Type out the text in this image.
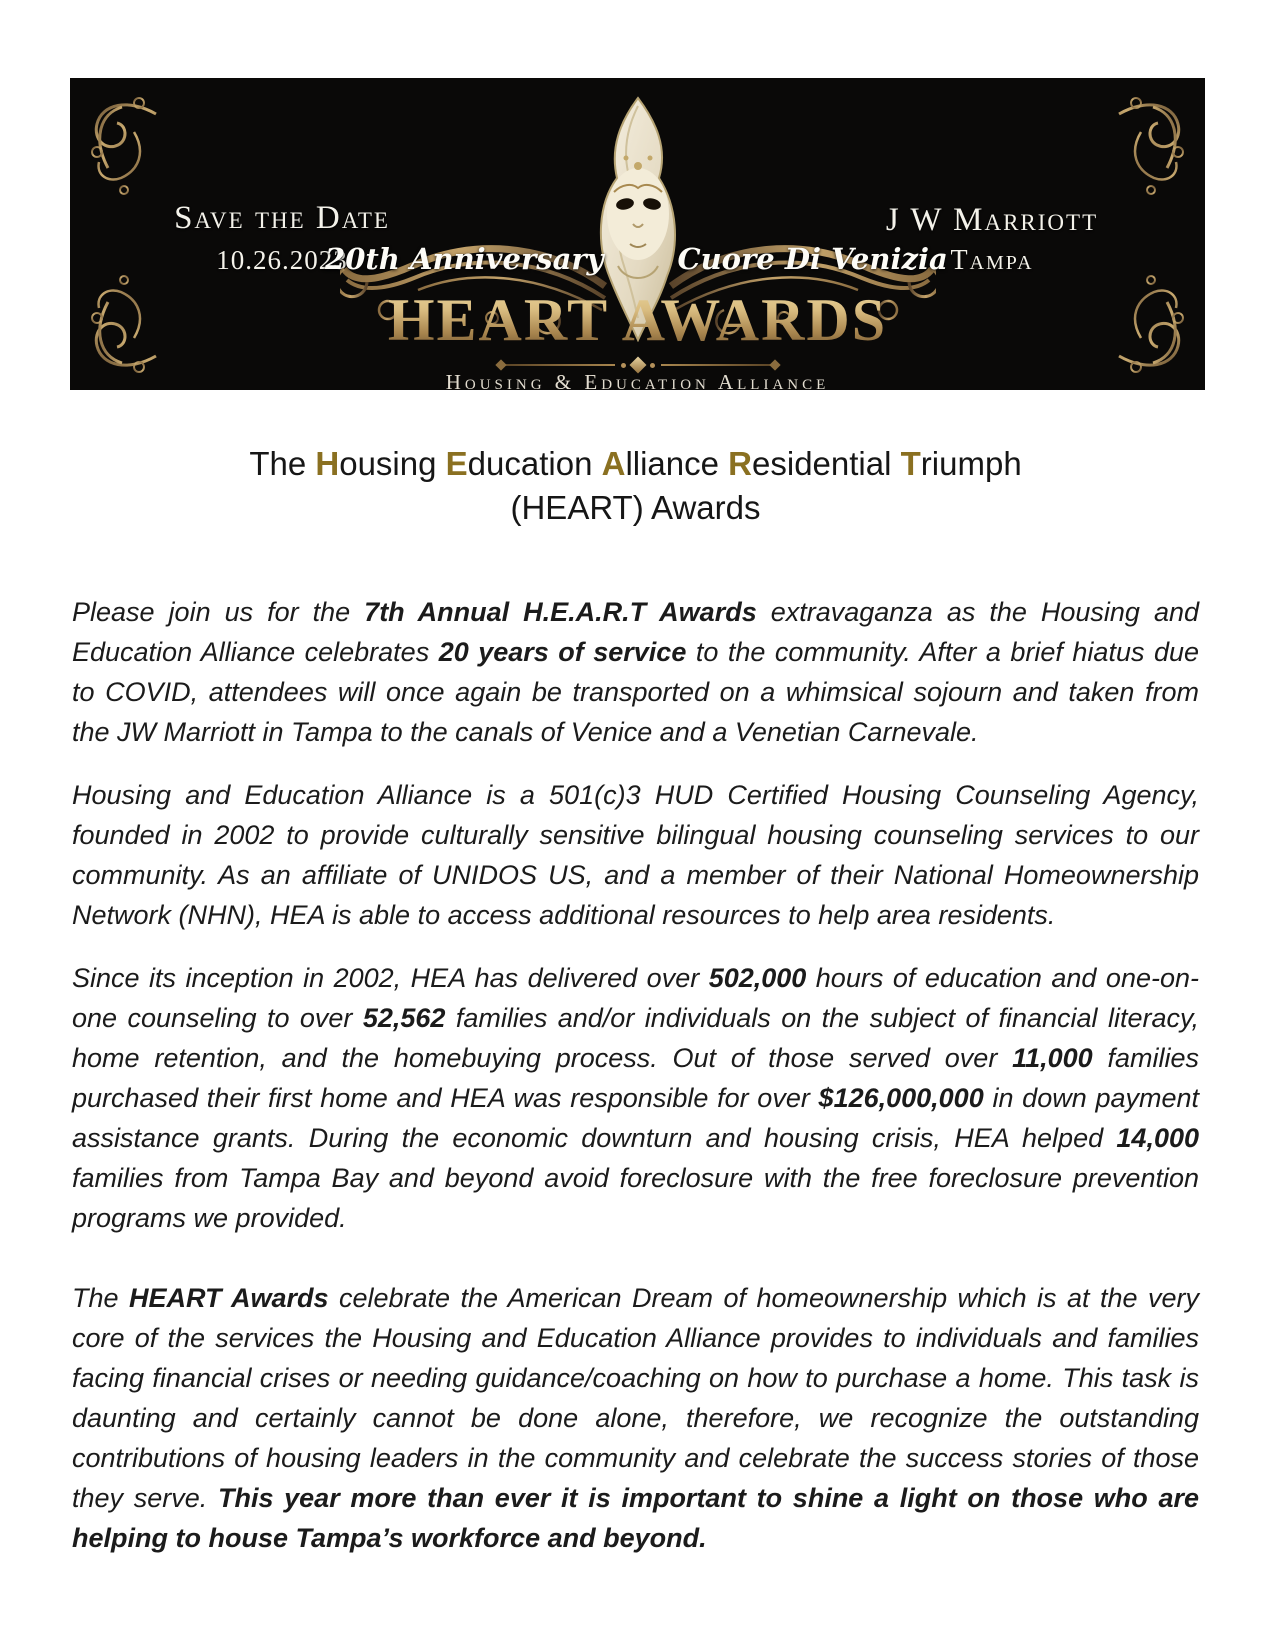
Save the Date
10.26.2023
J W Marriott
Tampa
20th Anniversary	Cuore Di Venizia
HEART AWARDS
Housing & Education Alliance
The Housing Education Alliance Residential Triumph
(HEART) Awards

Please join us for the 7th Annual H.E.A.R.T Awards extravaganza as the Housing and Education Alliance celebrates 20 years of service to the community. After a brief hiatus due to COVID, attendees will once again be transported on a whimsical sojourn and taken from the JW Marriott in Tampa to the canals of Venice and a Venetian Carnevale.

Housing and Education Alliance is a 501(c)3 HUD Certified Housing Counseling Agency, founded in 2002 to provide culturally sensitive bilingual housing counseling services to our community. As an affiliate of UNIDOS US, and a member of their National Homeownership Network (NHN), HEA is able to access additional resources to help area residents.

Since its inception in 2002, HEA has delivered over 502,000 hours of education and one-on-one counseling to over 52,562 families and/or individuals on the subject of financial literacy, home retention, and the homebuying process. Out of those served over 11,000 families purchased their first home and HEA was responsible for over $126,000,000 in down payment assistance grants. During the economic downturn and housing crisis, HEA helped 14,000 families from Tampa Bay and beyond avoid foreclosure with the free foreclosure prevention programs we provided.

The HEART Awards celebrate the American Dream of homeownership which is at the very core of the services the Housing and Education Alliance provides to individuals and families facing financial crises or needing guidance/coaching on how to purchase a home. This task is daunting and certainly cannot be done alone, therefore, we recognize the outstanding contributions of housing leaders in the community and celebrate the success stories of those they serve. This year more than ever it is important to shine a light on those who are helping to house Tampa’s workforce and beyond.
